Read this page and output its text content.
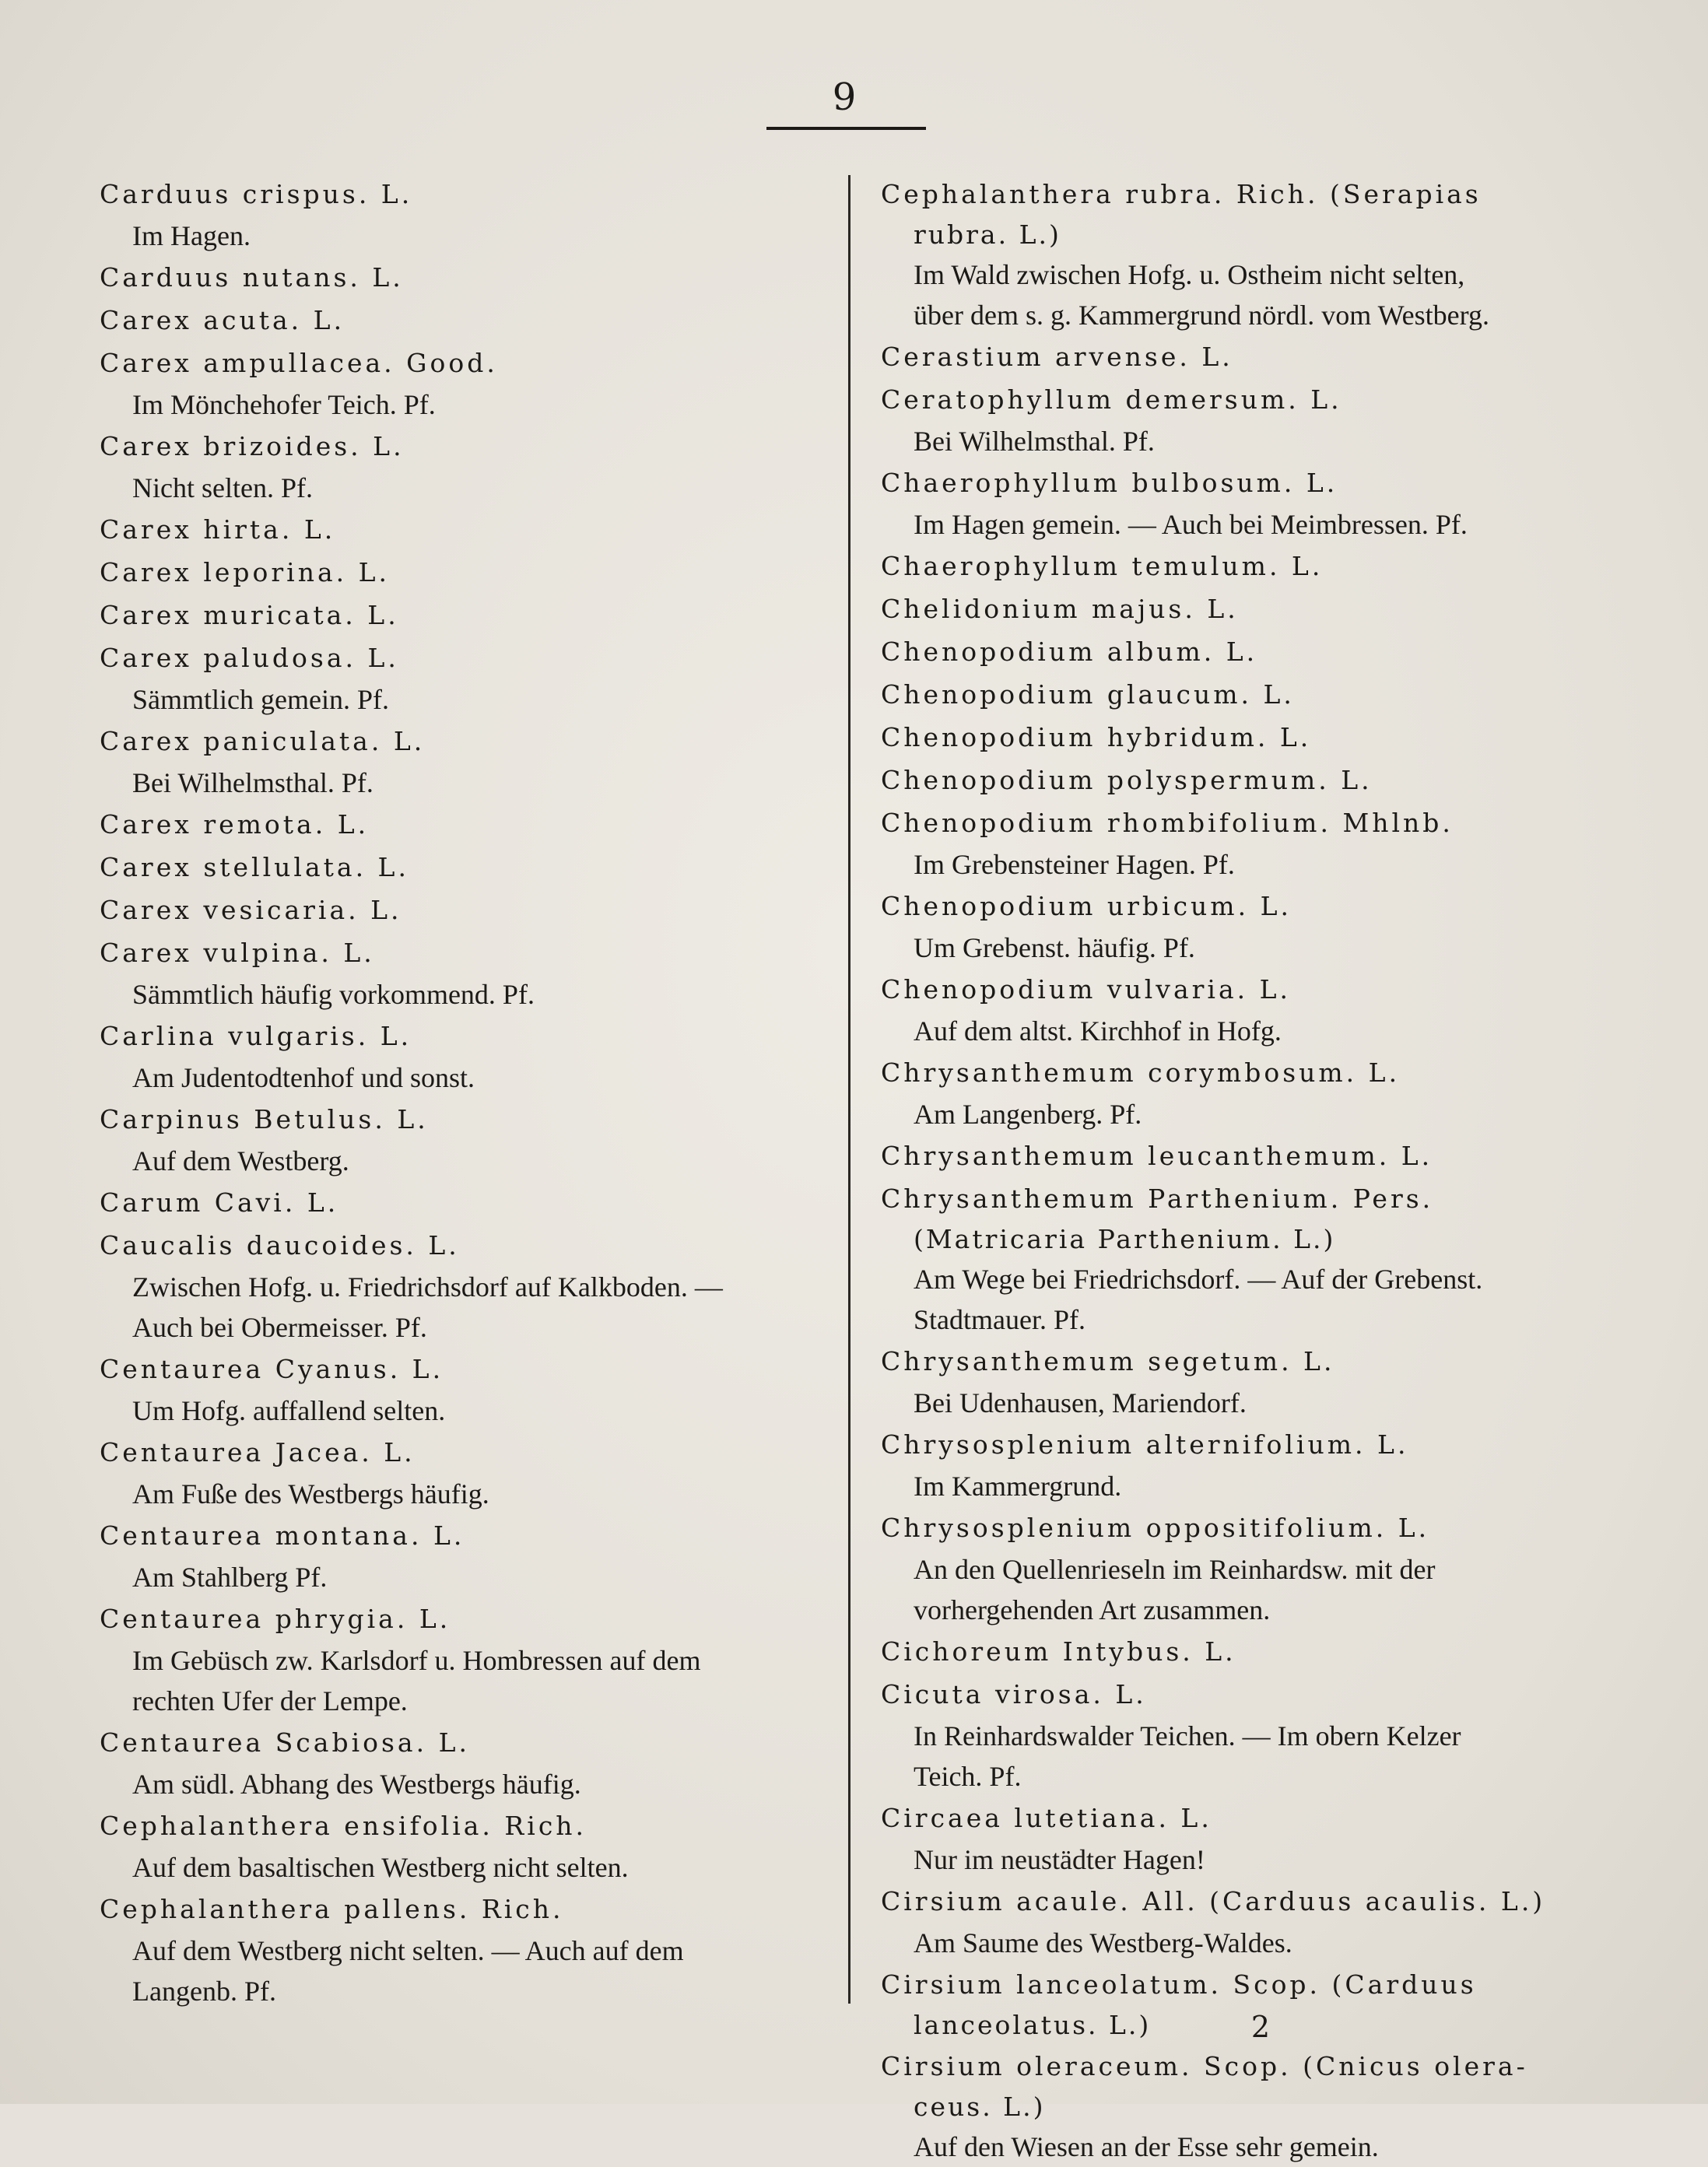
9
Carduus crispus. L.
Im Hagen.
Carduus nutans. L.
Carex acuta. L.
Carex ampullacea. Good.
Im Mönchehofer Teich. Pf.
Carex brizoides. L.
Nicht selten. Pf.
Carex hirta. L.
Carex leporina. L.
Carex muricata. L.
Carex paludosa. L.
Sämmtlich gemein. Pf.
Carex paniculata. L.
Bei Wilhelmsthal. Pf.
Carex remota. L.
Carex stellulata. L.
Carex vesicaria. L.
Carex vulpina. L.
Sämmtlich häufig vorkommend. Pf.
Carlina vulgaris. L.
Am Judentodtenhof und sonst.
Carpinus Betulus. L.
Auf dem Westberg.
Carum Cavi. L.
Caucalis daucoides. L.
Zwischen Hofg. u. Friedrichsdorf auf Kalkboden. —
Auch bei Obermeisser. Pf.
Centaurea Cyanus. L.
Um Hofg. auffallend selten.
Centaurea Jacea. L.
Am Fuße des Westbergs häufig.
Centaurea montana. L.
Am Stahlberg Pf.
Centaurea phrygia. L.
Im Gebüsch zw. Karlsdorf u. Hombressen auf dem
rechten Ufer der Lempe.
Centaurea Scabiosa. L.
Am südl. Abhang des Westbergs häufig.
Cephalanthera ensifolia. Rich.
Auf dem basaltischen Westberg nicht selten.
Cephalanthera pallens. Rich.
Auf dem Westberg nicht selten. — Auch auf dem
Langenb. Pf.
Cephalanthera rubra. Rich. (Serapias
rubra. L.)
Im Wald zwischen Hofg. u. Ostheim nicht selten,
über dem s. g. Kammergrund nördl. vom Westberg.
Cerastium arvense. L.
Ceratophyllum demersum. L.
Bei Wilhelmsthal. Pf.
Chaerophyllum bulbosum. L.
Im Hagen gemein. — Auch bei Meimbressen. Pf.
Chaerophyllum temulum. L.
Chelidonium majus. L.
Chenopodium album. L.
Chenopodium glaucum. L.
Chenopodium hybridum. L.
Chenopodium polyspermum. L.
Chenopodium rhombifolium. Mhlnb.
Im Grebensteiner Hagen. Pf.
Chenopodium urbicum. L.
Um Grebenst. häufig. Pf.
Chenopodium vulvaria. L.
Auf dem altst. Kirchhof in Hofg.
Chrysanthemum corymbosum. L.
Am Langenberg. Pf.
Chrysanthemum leucanthemum. L.
Chrysanthemum Parthenium. Pers.
(Matricaria Parthenium. L.)
Am Wege bei Friedrichsdorf. — Auf der Grebenst.
Stadtmauer. Pf.
Chrysanthemum segetum. L.
Bei Udenhausen, Mariendorf.
Chrysosplenium alternifolium. L.
Im Kammergrund.
Chrysosplenium oppositifolium. L.
An den Quellenrieseln im Reinhardsw. mit der
vorhergehenden Art zusammen.
Cichoreum Intybus. L.
Cicuta virosa. L.
In Reinhardswalder Teichen. — Im obern Kelzer
Teich. Pf.
Circaea lutetiana. L.
Nur im neustädter Hagen!
Cirsium acaule. All. (Carduus acaulis. L.)
Am Saume des Westberg-Waldes.
Cirsium lanceolatum. Scop. (Carduus
lanceolatus. L.)
Cirsium oleraceum. Scop. (Cnicus olera-
ceus. L.)
Auf den Wiesen an der Esse sehr gemein.
2
